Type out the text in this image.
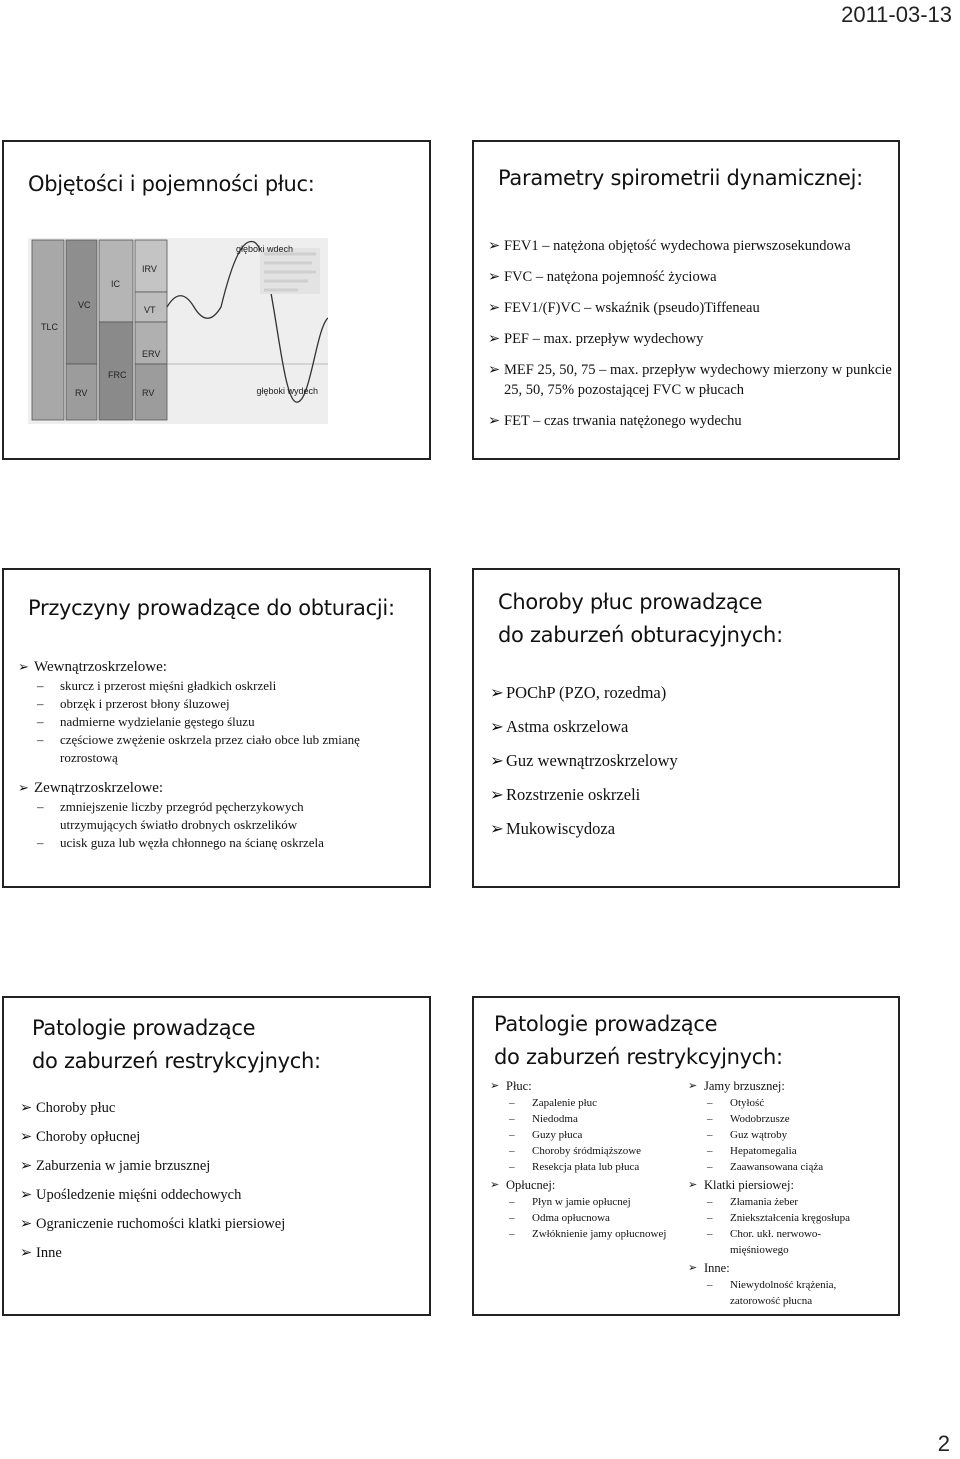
2011-03-13
Objętości i pojemności płuc:
TLC
VC
RV
IC
FRC
IRV
VT
ERV
RV
głęboki wdech
głęboki wydech
Parametry spirometrii dynamicznej:
➢ FEV1 – natężona objętość wydechowa pierwszosekundowa
➢ FVC – natężona pojemność życiowa
➢ FEV1/(F)VC – wskaźnik (pseudo)Tiffeneau
➢ PEF – max. przepływ wydechowy
➢ MEF 25, 50, 75 – max. przepływ wydechowy mierzony w punkcie 25, 50, 75% pozostającej FVC w płucach
➢ FET – czas trwania natężonego wydechu
Przyczyny prowadzące do obturacji:
➢ Wewnątrzoskrzelowe:
– skurcz i przerost mięśni gładkich oskrzeli
– obrzęk i przerost błony śluzowej
– nadmierne wydzielanie gęstego śluzu
– częściowe zwężenie oskrzela przez ciało obce lub zmianę rozrostową
➢ Zewnątrzoskrzelowe:
– zmniejszenie liczby przegród pęcherzykowych utrzymujących światło drobnych oskrzelików
– ucisk guza lub węzła chłonnego na ścianę oskrzela
Choroby płuc prowadzące
do zaburzeń obturacyjnych:
➢ POChP (PZO, rozedma)
➢ Astma oskrzelowa
➢ Guz wewnątrzoskrzelowy
➢ Rozstrzenie oskrzeli
➢ Mukowiscydoza
Patologie prowadzące
do zaburzeń restrykcyjnych:
➢ Choroby płuc
➢ Choroby opłucnej
➢ Zaburzenia w jamie brzusznej
➢ Upośledzenie mięśni oddechowych
➢ Ograniczenie ruchomości klatki piersiowej
➢ Inne
Patologie prowadzące
do zaburzeń restrykcyjnych:
➢ Płuc:
– Zapalenie płuc
– Niedodma
– Guzy płuca
– Choroby śródmiąższowe
– Resekcja płata lub płuca
➢ Opłucnej:
– Płyn w jamie opłucnej
– Odma opłucnowa
– Zwłóknienie jamy opłucnowej
➢ Jamy brzusznej:
– Otyłość
– Wodobrzusze
– Guz wątroby
– Hepatomegalia
– Zaawansowana ciąża
➢ Klatki piersiowej:
– Złamania żeber
– Zniekształcenia kręgosłupa
– Chor. ukł. nerwowo-mięśniowego
➢ Inne:
– Niewydolność krążenia, zatorowość płucna
2
